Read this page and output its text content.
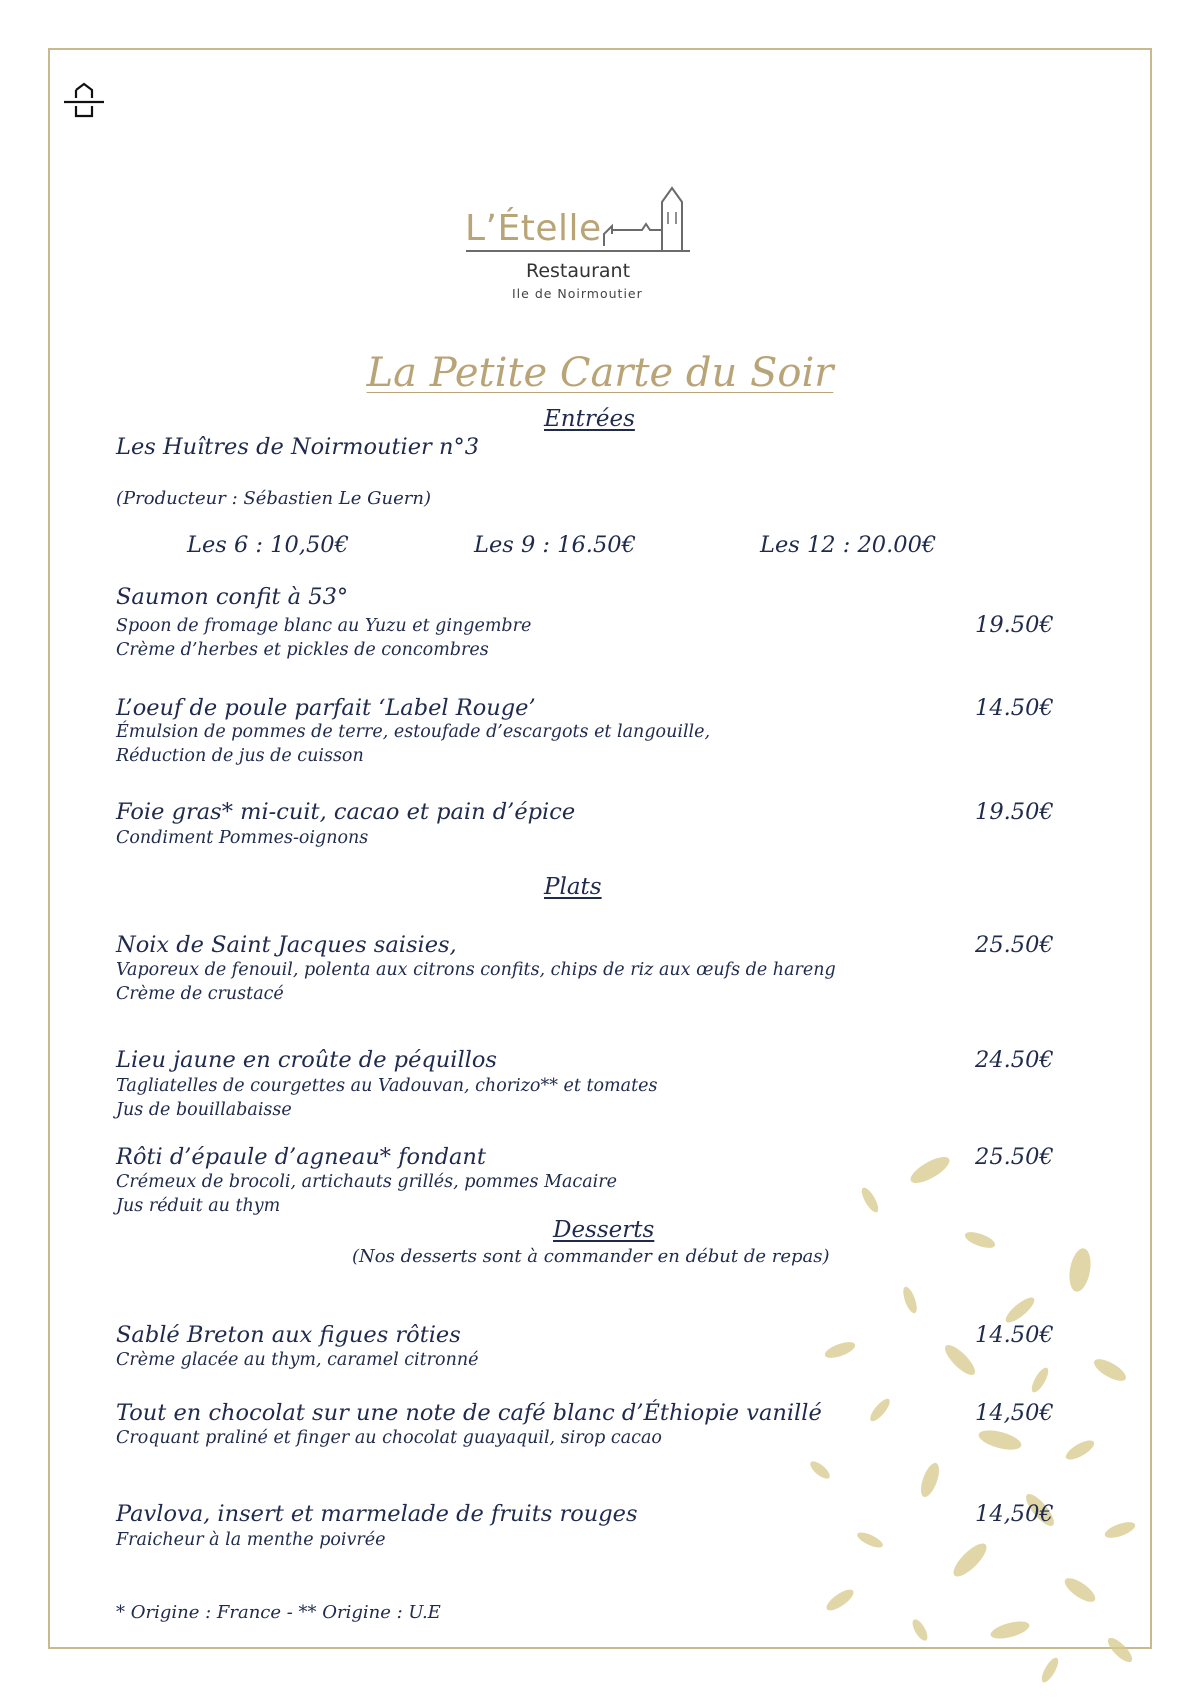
L’Ételle
Restaurant
Ile de Noirmoutier
La Petite Carte du Soir
Entrées
Les Huîtres de Noirmoutier n°3
(Producteur : Sébastien Le Guern)
Les 6 : 10,50€	Les 9 : 16.50€	Les 12 : 20.00€
Saumon confit à 53°
Spoon de fromage blanc au Yuzu et gingembre
Crème d’herbes et pickles de concombres
19.50€
L’oeuf de poule parfait ‘Label Rouge’
Émulsion de pommes de terre, estoufade d’escargots et langouille,
Réduction de jus de cuisson
14.50€
Foie gras* mi-cuit, cacao et pain d’épice
Condiment Pommes-oignons
19.50€
Plats
Noix de Saint Jacques saisies,
Vaporeux de fenouil, polenta aux citrons confits, chips de riz aux œufs de hareng
Crème de crustacé
25.50€
Lieu jaune en croûte de péquillos
Tagliatelles de courgettes au Vadouvan, chorizo** et tomates
Jus de bouillabaisse
24.50€
Rôti d’épaule d’agneau* fondant
Crémeux de brocoli, artichauts grillés, pommes Macaire
Jus réduit au thym
25.50€
Desserts
(Nos desserts sont à commander en début de repas)
Sablé Breton aux figues rôties
Crème glacée au thym, caramel citronné
14.50€
Tout en chocolat sur une note de café blanc d’Éthiopie vanillé
Croquant praliné et finger au chocolat guayaquil, sirop cacao
14,50€
Pavlova, insert et marmelade de fruits rouges
Fraicheur à la menthe poivrée
14,50€
* Origine : France - ** Origine : U.E
